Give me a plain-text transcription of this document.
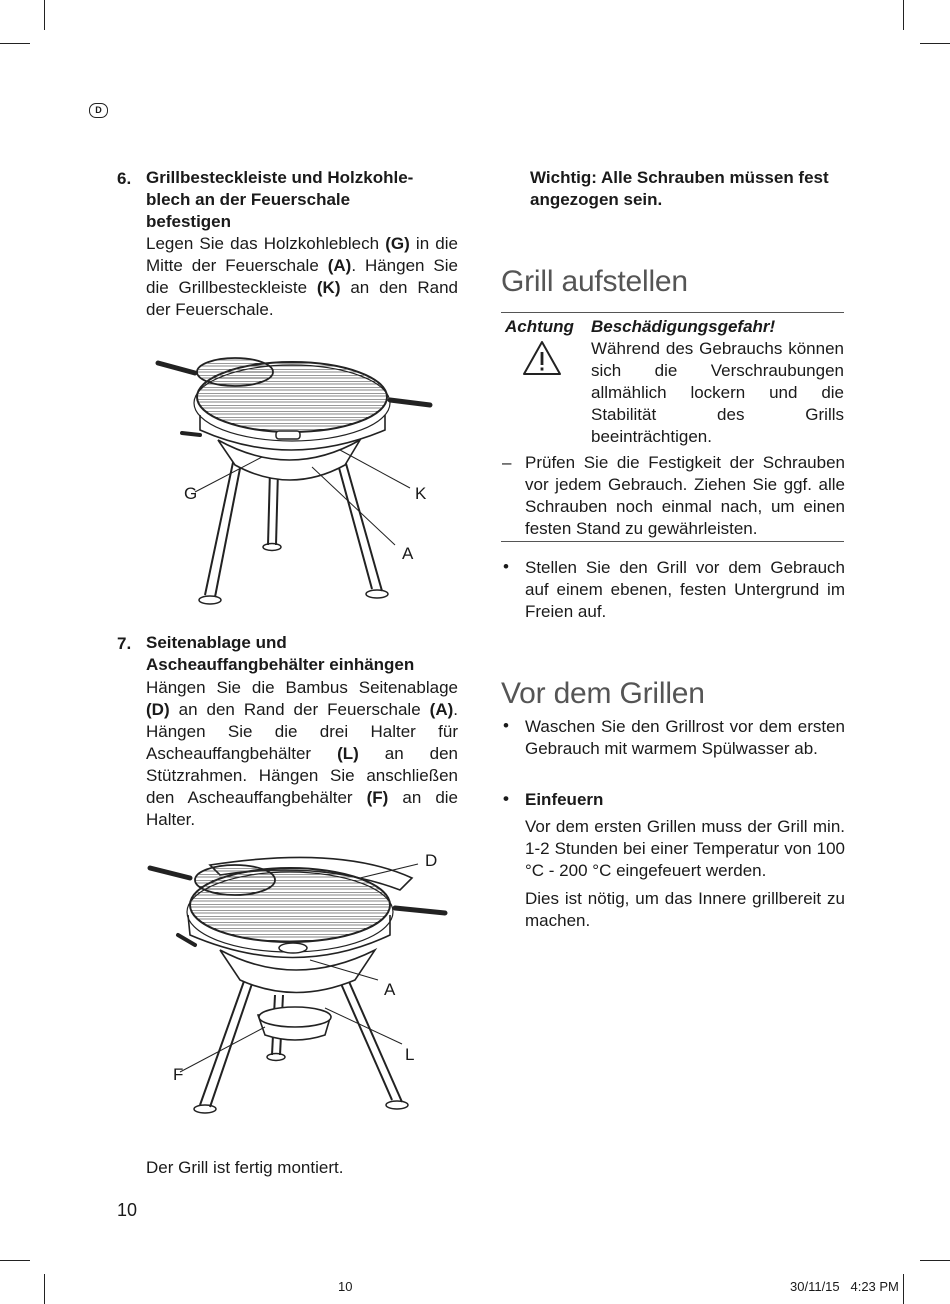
D
6. Grillbesteckleiste und Holzkohle-
blech an der Feuerschale
befestigen
Legen Sie das Holzkohleblech (G) in die Mitte der Feuerschale (A). Hängen Sie die Grillbesteckleiste (K) an den Rand der Feuerschale.
G	K
A
7. Seitenablage und
Ascheauffangbehälter einhängen
Hängen Sie die Bambus Seitenablage (D) an den Rand der Feuerschale (A). Hängen Sie die drei Halter für Ascheauffangbehälter (L) an den Stützrahmen. Hängen Sie anschließen den Ascheauffangbehälter (F) an die Halter.
D
A
L
F
Der Grill ist fertig montiert.
10
Wichtig: Alle Schrauben müssen fest
angezogen sein.
Grill aufstellen
Achtung Beschädigungsgefahr!
Während des Gebrauchs können sich die Verschraubungen allmählich lockern und die Stabilität des Grills beeinträchtigen.
– Prüfen Sie die Festigkeit der Schrauben vor jedem Gebrauch. Ziehen Sie ggf. alle Schrauben noch einmal nach, um einen festen Stand zu gewährleisten.
• Stellen Sie den Grill vor dem Gebrauch auf einem ebenen, festen Untergrund im Freien auf.
Vor dem Grillen
• Waschen Sie den Grillrost vor dem ersten Gebrauch mit warmem Spülwasser ab.
• Einfeuern
Vor dem ersten Grillen muss der Grill min. 1-2 Stunden bei einer Temperatur von 100 °C - 200 °C eingefeuert werden.
Dies ist nötig, um das Innere grillbereit zu machen.
10	30/11/15   4:23 PM
